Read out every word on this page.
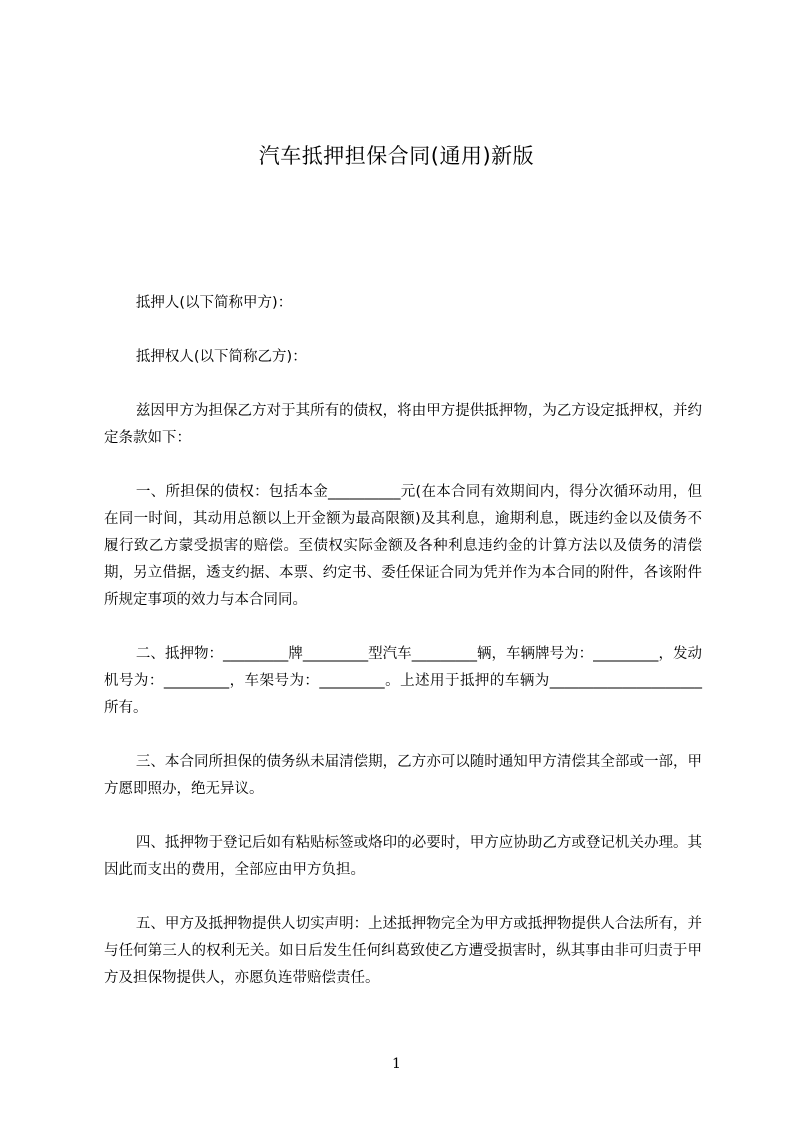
汽车抵押担保合同(通用)新版

抵押人(以下简称甲方)：

抵押权人(以下简称乙方)：

兹因甲方为担保乙方对于其所有的债权，将由甲方提供抵押物，为乙方设定抵押权，并约定条款如下：

一、所担保的债权：包括本金__________元(在本合同有效期间内，得分次循环动用，但在同一时间，其动用总额以上开金额为最高限额)及其利息，逾期利息，既违约金以及债务不履行致乙方蒙受损害的赔偿。至债权实际金额及各种利息违约金的计算方法以及债务的清偿期，另立借据，透支约据、本票、约定书、委任保证合同为凭并作为本合同的附件，各该附件所规定事项的效力与本合同同。

二、抵押物：_________牌_________型汽车_________辆，车辆牌号为：_________，发动机号为：_________，车架号为：_________。上述用于抵押的车辆为_____________________所有。

三、本合同所担保的债务纵未届清偿期，乙方亦可以随时通知甲方清偿其全部或一部，甲方愿即照办，绝无异议。

四、抵押物于登记后如有粘贴标签或烙印的必要时，甲方应协助乙方或登记机关办理。其因此而支出的费用，全部应由甲方负担。

五、甲方及抵押物提供人切实声明：上述抵押物完全为甲方或抵押物提供人合法所有，并与任何第三人的权利无关。如日后发生任何纠葛致使乙方遭受损害时，纵其事由非可归责于甲方及担保物提供人，亦愿负连带赔偿责任。

1
